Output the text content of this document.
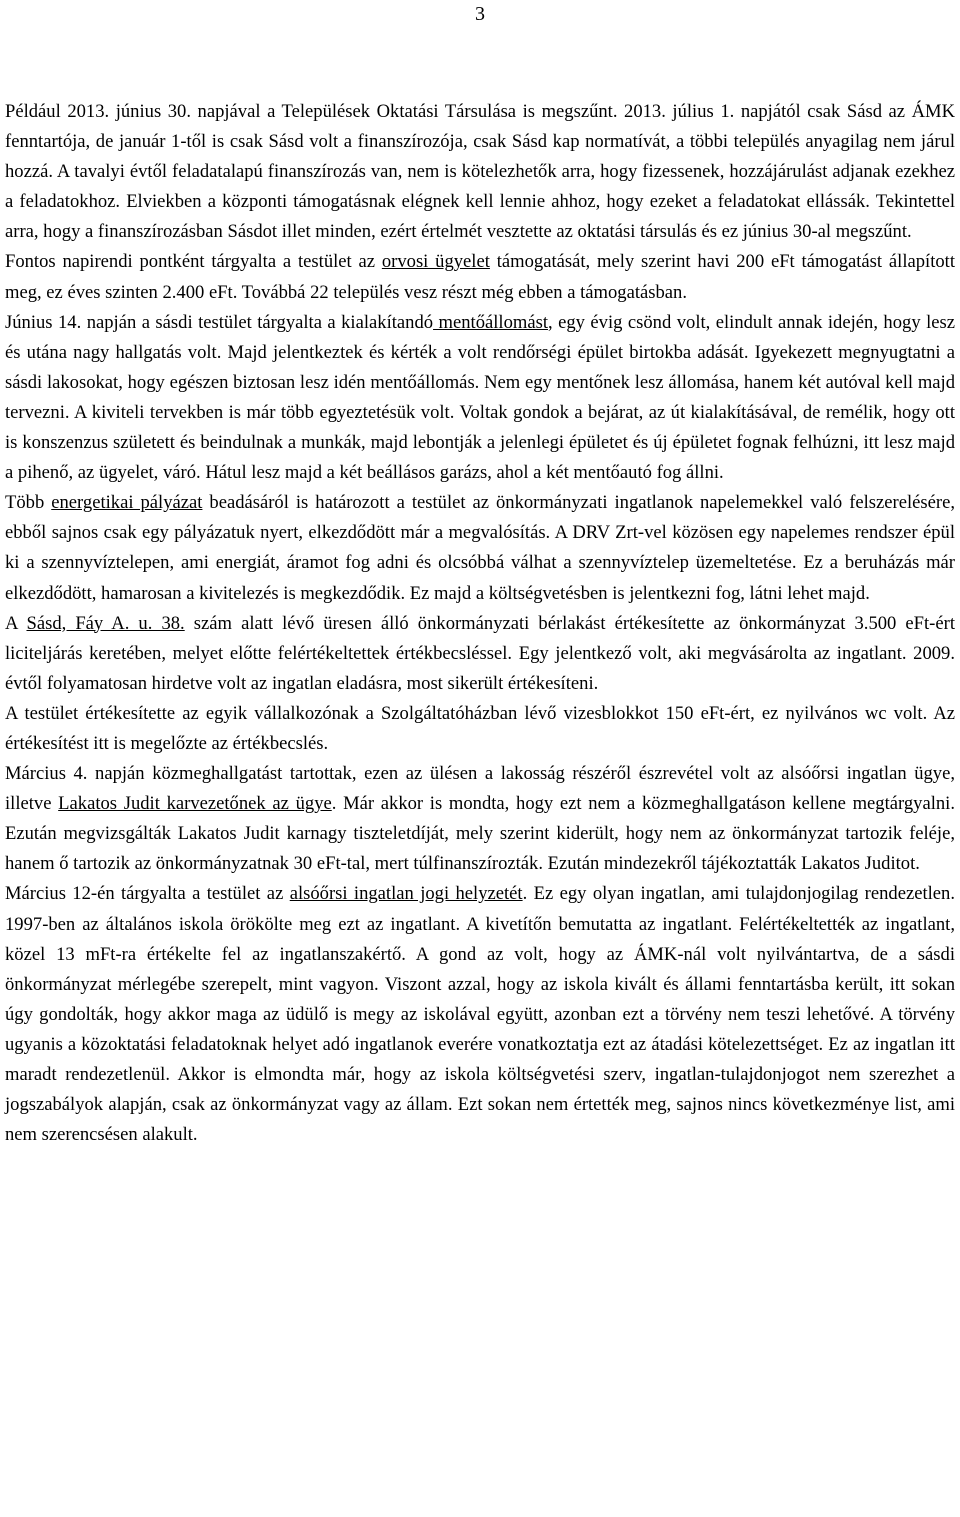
3

Például 2013. június 30. napjával a Települések Oktatási Társulása is megszűnt. 2013. július 1. napjától csak Sásd az ÁMK fenntartója, de január 1-től is csak Sásd volt a finanszírozója, csak Sásd kap normatívát, a többi település anyagilag nem járul hozzá. A tavalyi évtől feladatalapú finanszírozás van, nem is kötelezhetők arra, hogy fizessenek, hozzájárulást adjanak ezekhez a feladatokhoz. Elviekben a központi támogatásnak elégnek kell lennie ahhoz, hogy ezeket a feladatokat ellássák. Tekintettel arra, hogy a finanszírozásban Sásdot illet minden, ezért értelmét vesztette az oktatási társulás és ez június 30-al megszűnt.

Fontos napirendi pontként tárgyalta a testület az orvosi ügyelet támogatását, mely szerint havi 200 eFt támogatást állapított meg, ez éves szinten 2.400 eFt. Továbbá 22 település vesz részt még ebben a támogatásban.

Június 14. napján a sásdi testület tárgyalta a kialakítandó mentőállomást, egy évig csönd volt, elindult annak idején, hogy lesz és utána nagy hallgatás volt. Majd jelentkeztek és kérték a volt rendőrségi épület birtokba adását. Igyekezett megnyugtatni a sásdi lakosokat, hogy egészen biztosan lesz idén mentőállomás. Nem egy mentőnek lesz állomása, hanem két autóval kell majd tervezni. A kiviteli tervekben is már több egyeztetésük volt. Voltak gondok a bejárat, az út kialakításával, de remélik, hogy ott is konszenzus született és beindulnak a munkák, majd lebontják a jelenlegi épületet és új épületet fognak felhúzni, itt lesz majd a pihenő, az ügyelet, váró. Hátul lesz majd a két beállásos garázs, ahol a két mentőautó fog állni.

Több energetikai pályázat beadásáról is határozott a testület az önkormányzati ingatlanok napelemekkel való felszerelésére, ebből sajnos csak egy pályázatuk nyert, elkezdődött már a megvalósítás. A DRV Zrt-vel közösen egy napelemes rendszer épül ki a szennyvíztelepen, ami energiát, áramot fog adni és olcsóbbá válhat a szennyvíztelep üzemeltetése. Ez a beruházás már elkezdődött, hamarosan a kivitelezés is megkezdődik. Ez majd a költségvetésben is jelentkezni fog, látni lehet majd.

A Sásd, Fáy A. u. 38. szám alatt lévő üresen álló önkormányzati bérlakást értékesítette az önkormányzat 3.500 eFt-ért liciteljárás keretében, melyet előtte felértékeltettek értékbecsléssel. Egy jelentkező volt, aki megvásárolta az ingatlant. 2009. évtől folyamatosan hirdetve volt az ingatlan eladásra, most sikerült értékesíteni.

A testület értékesítette az egyik vállalkozónak a Szolgáltatóházban lévő vizesblokkot 150 eFt-ért, ez nyilvános wc volt. Az értékesítést itt is megelőzte az értékbecslés.

Március 4. napján közmeghallgatást tartottak, ezen az ülésen a lakosság részéről észrevétel volt az alsóőrsi ingatlan ügye, illetve Lakatos Judit karvezetőnek az ügye. Már akkor is mondta, hogy ezt nem a közmeghallgatáson kellene megtárgyalni. Ezután megvizsgálták Lakatos Judit karnagy tiszteletdíját, mely szerint kiderült, hogy nem az önkormányzat tartozik feléje, hanem ő tartozik az önkormányzatnak 30 eFt-tal, mert túlfinanszírozták. Ezután mindezekről tájékoztatták Lakatos Juditot.

Március 12-én tárgyalta a testület az alsóőrsi ingatlan jogi helyzetét. Ez egy olyan ingatlan, ami tulajdonjogilag rendezetlen. 1997-ben az általános iskola örökölte meg ezt az ingatlant. A kivetítőn bemutatta az ingatlant. Felértékeltették az ingatlant, közel 13 mFt-ra értékelte fel az ingatlanszakértő. A gond az volt, hogy az ÁMK-nál volt nyilvántartva, de a sásdi önkormányzat mérlegébe szerepelt, mint vagyon. Viszont azzal, hogy az iskola kivált és állami fenntartásba került, itt sokan úgy gondolták, hogy akkor maga az üdülő is megy az iskolával együtt, azonban ezt a törvény nem teszi lehetővé. A törvény ugyanis a közoktatási feladatoknak helyet adó ingatlanok everére vonatkoztatja ezt az átadási kötelezettséget. Ez az ingatlan itt maradt rendezetlenül. Akkor is elmondta már, hogy az iskola költségvetési szerv, ingatlan-tulajdonjogot nem szerezhet a jogszabályok alapján, csak az önkormányzat vagy az állam. Ezt sokan nem értették meg, sajnos nincs következménye list, ami nem szerencsésen alakult.
